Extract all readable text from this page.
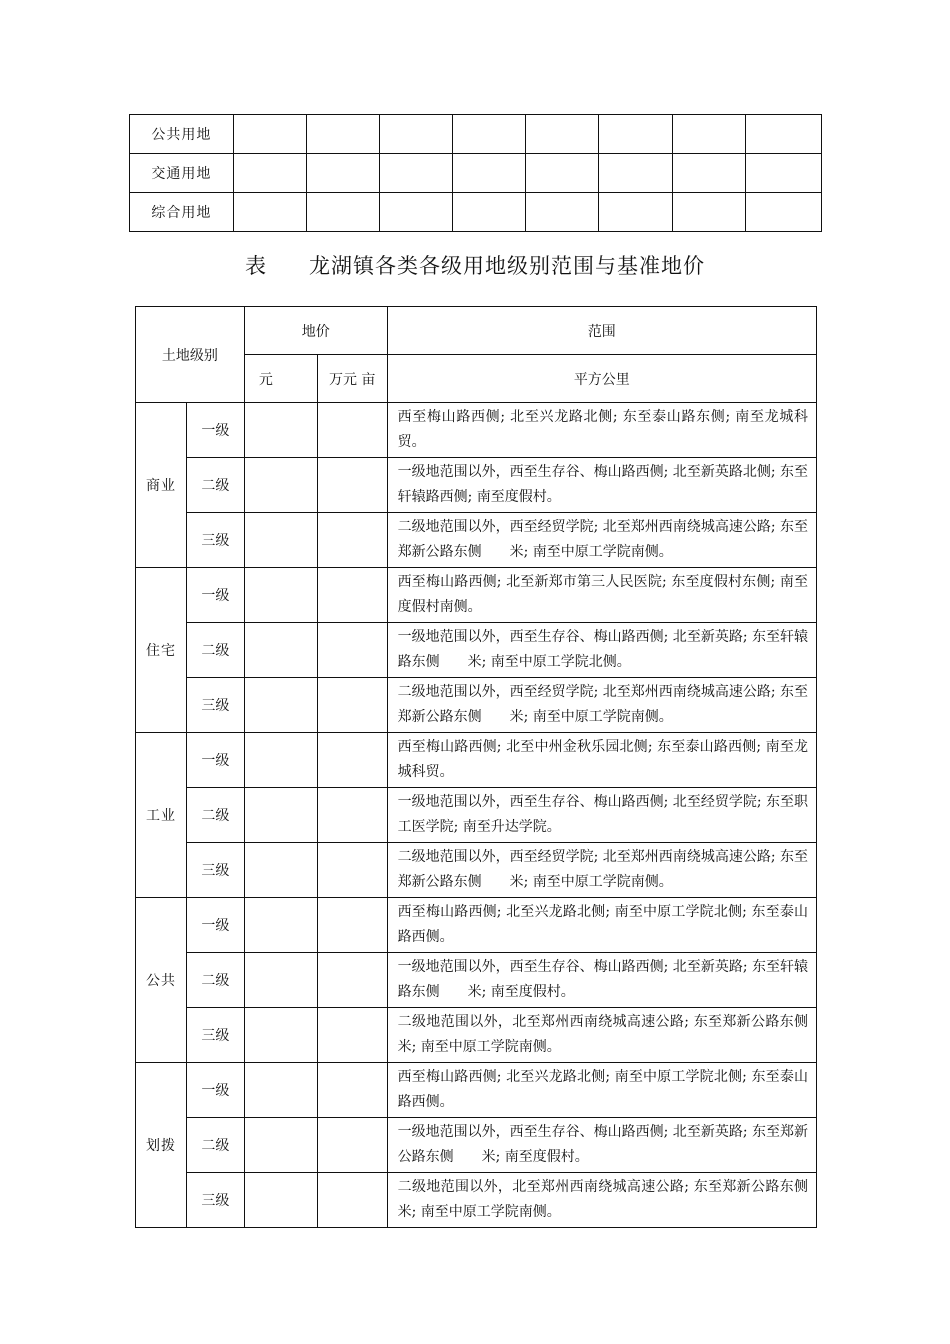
公共用地								
交通用地								
综合用地								
表 龙湖镇各类各级用地级别范围与基准地价
土地级别		地价		范围
		元	万元 亩	平方公里
商业	一级			西至梅山路西侧; 北至兴龙路北侧; 东至泰山路东侧; 南至龙城科贸。
	二级			一级地范围以外，西至生存谷、梅山路西侧; 北至新英路北侧; 东至轩辕路西侧; 南至度假村。
	三级			二级地范围以外，西至经贸学院; 北至郑州西南绕城高速公路; 东至郑新公路东侧　　米; 南至中原工学院南侧。
住宅	一级			西至梅山路西侧; 北至新郑市第三人民医院; 东至度假村东侧; 南至度假村南侧。
	二级			一级地范围以外，西至生存谷、梅山路西侧; 北至新英路; 东至轩辕路东侧　　米; 南至中原工学院北侧。
	三级			二级地范围以外，西至经贸学院; 北至郑州西南绕城高速公路; 东至郑新公路东侧　　米; 南至中原工学院南侧。
工业	一级			西至梅山路西侧; 北至中州金秋乐园北侧; 东至泰山路西侧; 南至龙城科贸。
	二级			一级地范围以外，西至生存谷、梅山路西侧; 北至经贸学院; 东至职工医学院; 南至升达学院。
	三级			二级地范围以外，西至经贸学院; 北至郑州西南绕城高速公路; 东至郑新公路东侧　　米; 南至中原工学院南侧。
公共	一级			西至梅山路西侧; 北至兴龙路北侧; 南至中原工学院北侧; 东至泰山路西侧。
	二级			一级地范围以外，西至生存谷、梅山路西侧; 北至新英路; 东至轩辕路东侧　　米; 南至度假村。
	三级			二级地范围以外，北至郑州西南绕城高速公路; 东至郑新公路东侧　　米; 南至中原工学院南侧。
划拨	一级			西至梅山路西侧; 北至兴龙路北侧; 南至中原工学院北侧; 东至泰山路西侧。
	二级			一级地范围以外，西至生存谷、梅山路西侧; 北至新英路; 东至郑新公路东侧　　米; 南至度假村。
	三级			二级地范围以外，北至郑州西南绕城高速公路; 东至郑新公路东侧　　米; 南至中原工学院南侧。
